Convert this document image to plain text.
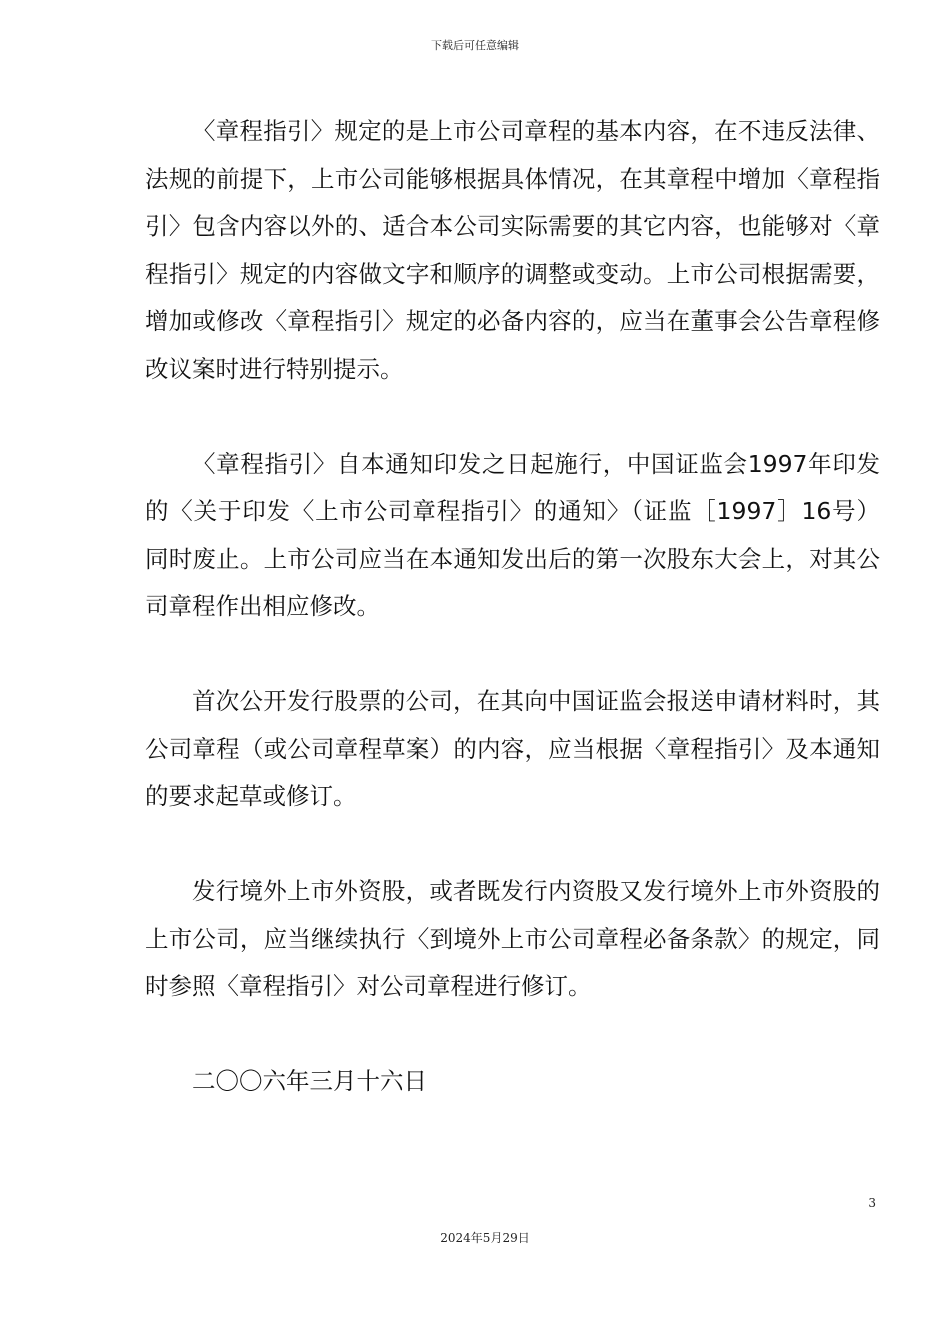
下载后可任意编辑

〈章程指引〉规定的是上市公司章程的基本内容，在不违反法律、法规的前提下，上市公司能够根据具体情况，在其章程中增加〈章程指引〉包含内容以外的、适合本公司实际需要的其它内容，也能够对〈章程指引〉规定的内容做文字和顺序的调整或变动。上市公司根据需要，增加或修改〈章程指引〉规定的必备内容的，应当在董事会公告章程修改议案时进行特别提示。

〈章程指引〉自本通知印发之日起施行，中国证监会1997年印发的〈关于印发〈上市公司章程指引〉的通知〉（证监［1997］16号）同时废止。上市公司应当在本通知发出后的第一次股东大会上，对其公司章程作出相应修改。

首次公开发行股票的公司，在其向中国证监会报送申请材料时，其公司章程（或公司章程草案）的内容，应当根据〈章程指引〉及本通知的要求起草或修订。

发行境外上市外资股，或者既发行内资股又发行境外上市外资股的上市公司，应当继续执行〈到境外上市公司章程必备条款〉的规定，同时参照〈章程指引〉对公司章程进行修订。

二〇〇六年三月十六日

3
2024年5月29日
